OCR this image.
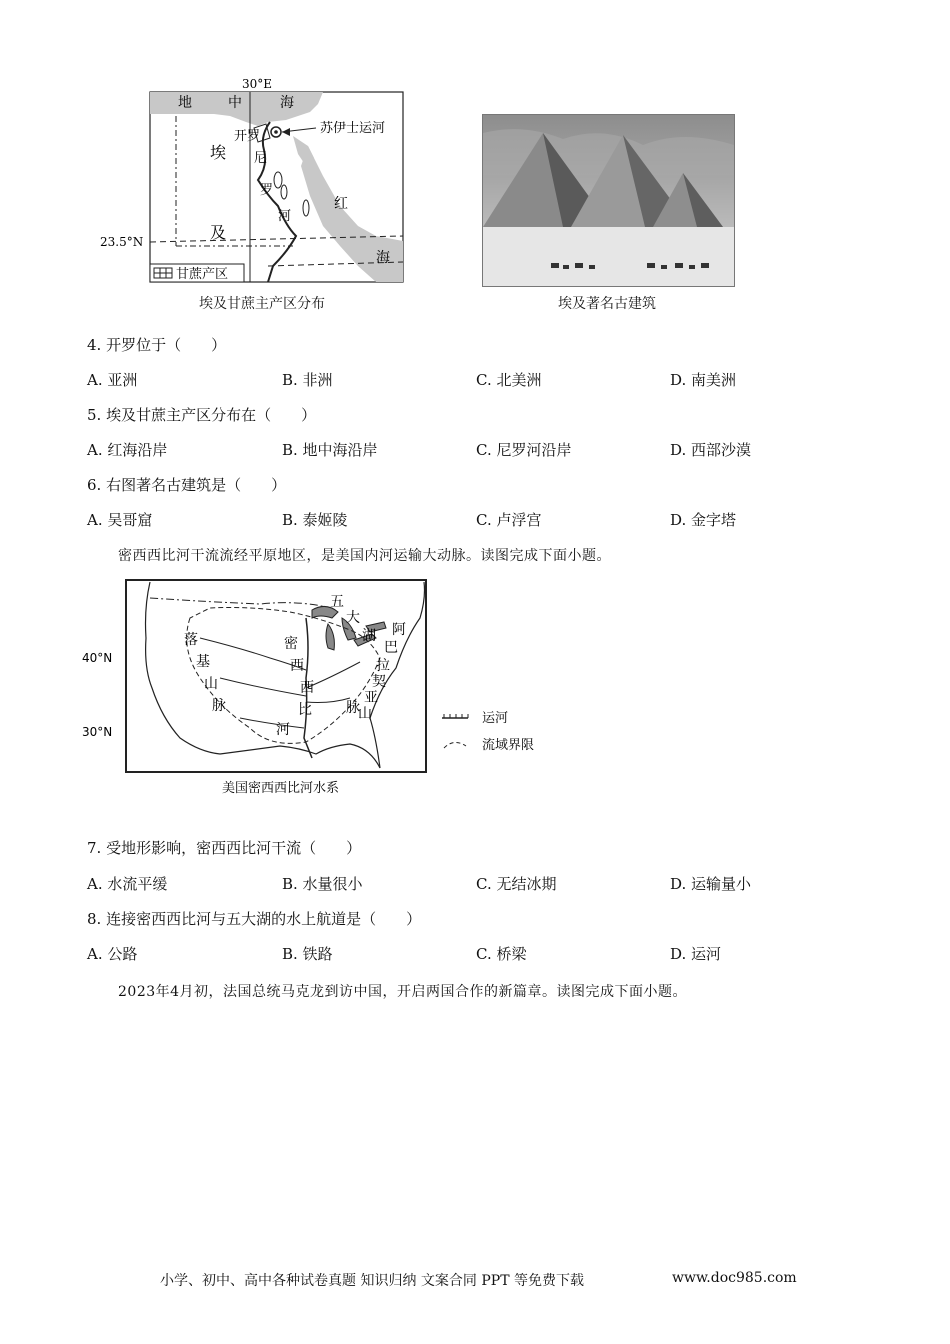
30°E
地	中	海
苏伊士运河
开罗
埃 尼
罗
河
及
红
海
23.5°N
甘蔗产区
埃及甘蔗主产区分布	埃及著名古建筑
4. 开罗位于（　　）
A. 亚洲	B. 非洲	C. 北美洲	D. 南美洲
5. 埃及甘蔗主产区分布在（　　）
A. 红海沿岸	B. 地中海沿岸	C. 尼罗河沿岸	D. 西部沙漠
6. 右图著名古建筑是（　　）
A. 吴哥窟	B. 泰姬陵	C. 卢浮宫	D. 金字塔
密西西比河干流流经平原地区，是美国内河运输大动脉。读图完成下面小题。
40°N
30°N
落
基
山
脉
密
西
西
比
河
五
大
湖 阿
巴
拉
契
亚
山
脉
运河
流域界限
美国密西西比河水系
7. 受地形影响，密西西比河干流（　　）
A. 水流平缓	B. 水量很小	C. 无结冰期	D. 运输量小
8. 连接密西西比河与五大湖的水上航道是（　　）
A. 公路	B. 铁路	C. 桥梁	D. 运河
2023年4月初，法国总统马克龙到访中国，开启两国合作的新篇章。读图完成下面小题。
小学、初中、高中各种试卷真题 知识归纳 文案合同 PPT 等免费下载	www.doc985.com
